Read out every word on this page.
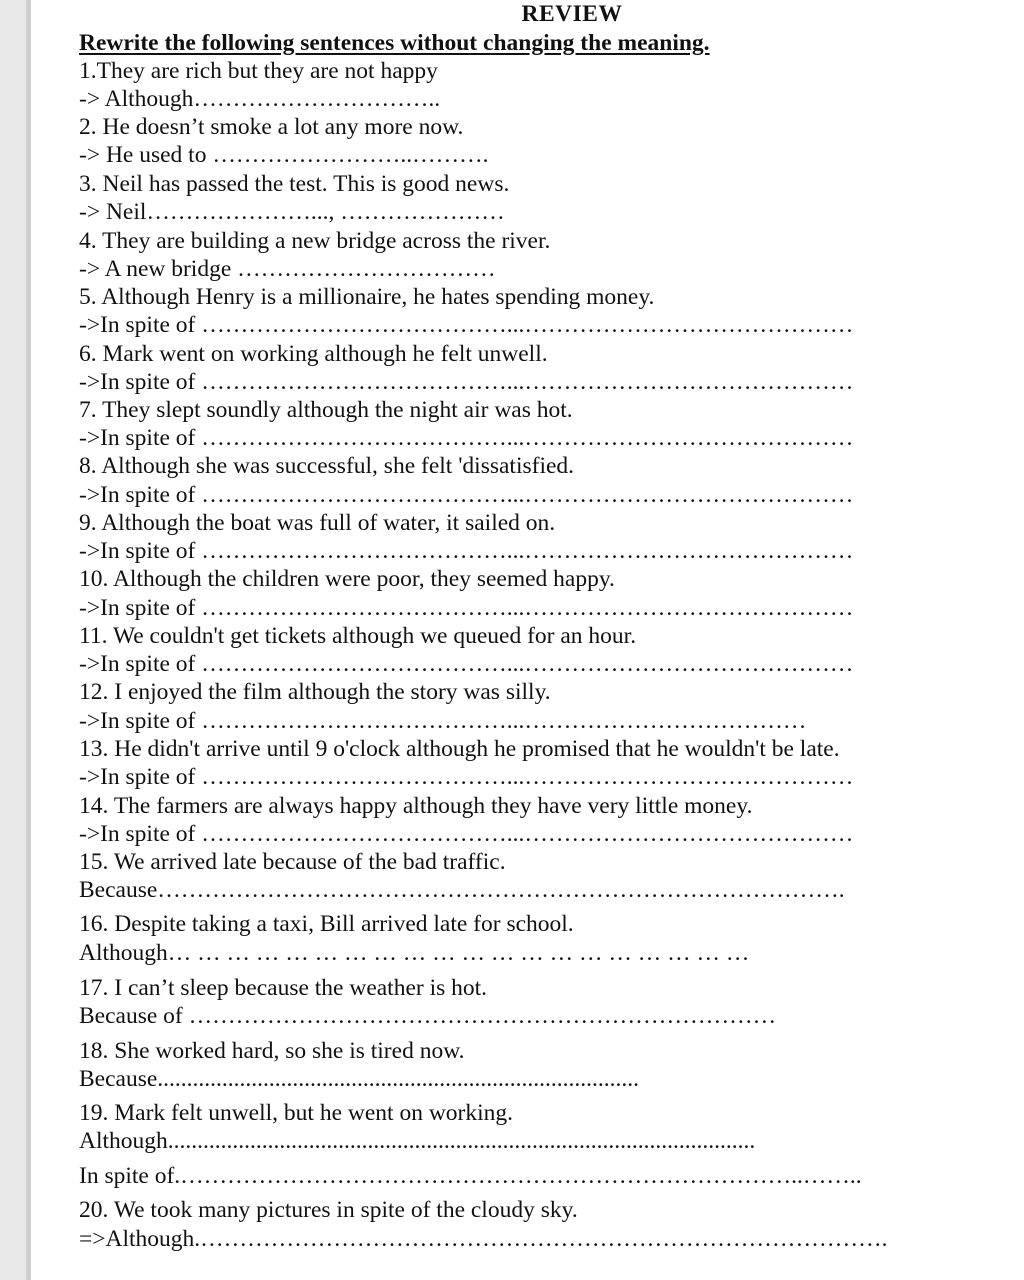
REVIEW
Rewrite the following sentences without changing the meaning.
1.They are rich but they are not happy
-> Although…………………………..
2. He doesn’t smoke a lot any more now.
-> He used to ……………………..……….
3. Neil has passed the test. This is good news.
-> Neil…………………..., …………………
4. They are building a new bridge across the river.
-> A new bridge ……………………………
5. Although Henry is a millionaire, he hates spending money.
->In spite of …………………………………...……………………………………
6. Mark went on working although he felt unwell.
->In spite of …………………………………...……………………………………
7. They slept soundly although the night air was hot.
->In spite of …………………………………...……………………………………
8. Although she was successful, she felt 'dissatisfied.
->In spite of …………………………………...……………………………………
9. Although the boat was full of water, it sailed on.
->In spite of …………………………………...……………………………………
10. Although the children were poor, they seemed happy.
->In spite of …………………………………...……………………………………
11. We couldn't get tickets although we queued for an hour.
->In spite of …………………………………...……………………………………
12. I enjoyed the film although the story was silly.
->In spite of …………………………………...………………………………
13. He didn't arrive until 9 o'clock although he promised that he wouldn't be late.
->In spite of …………………………………...……………………………………
14. The farmers are always happy although they have very little money.
->In spite of …………………………………...……………………………………
15. We arrived late because of the bad traffic.
Because…………………………………………………………………………….
16. Despite taking a taxi, Bill arrived late for school.
Although… … … … … … … … … … … … … … … … … … … …
17. I can’t sleep because the weather is hot.
Because of …………………………………………………………………
18. She worked hard, so she is tired now.
Because..................................................................................
19. Mark felt unwell, but he went on working.
Although....................................................................................................
In spite of.……………………………………………………………………..……..
20. We took many pictures in spite of the cloudy sky.
=>Although.…………………………………………………………………………….
